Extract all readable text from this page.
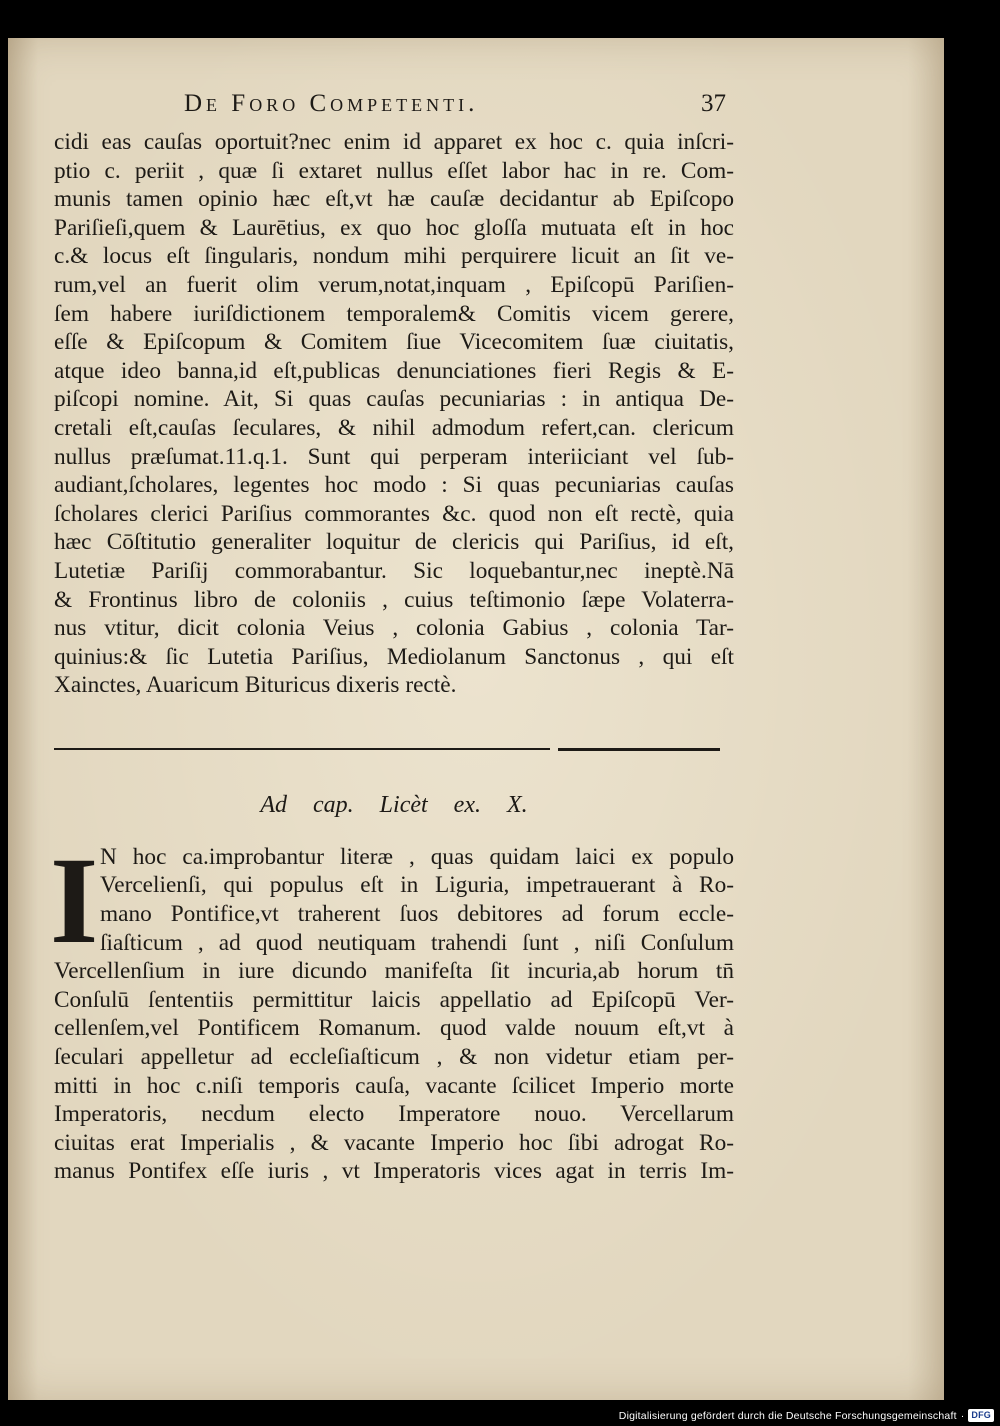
De Foro Competenti.	37
cidi eas cauſas oportuit?nec enim id apparet ex hoc c. quia inſcri-
ptio c. periit , quæ ſi extaret nullus eſſet labor hac in re. Com-
munis tamen opinio hæc eſt,vt hæ cauſæ decidantur ab Epiſcopo
Pariſieſi,quem & Laurētius, ex quo hoc gloſſa mutuata eſt in hoc
c.& locus eſt ſingularis, nondum mihi perquirere licuit an ſit ve-
rum,vel an fuerit olim verum,notat,inquam , Epiſcopū Pariſien-
ſem habere iuriſdictionem temporalem& Comitis vicem gerere,
eſſe & Epiſcopum & Comitem ſiue Vicecomitem ſuæ ciuitatis,
atque ideo banna,id eſt,publicas denunciationes fieri Regis & E-
piſcopi nomine. Ait, Si quas cauſas pecuniarias : in antiqua De-
cretali eſt,cauſas ſeculares, & nihil admodum refert,can. clericum
nullus præſumat.11.q.1. Sunt qui perperam interiiciant vel ſub-
audiant,ſcholares, legentes hoc modo : Si quas pecuniarias cauſas
ſcholares clerici Pariſius commorantes &c. quod non eſt rectè, quia
hæc Cōſtitutio generaliter loquitur de clericis qui Pariſius, id eſt,
Lutetiæ Pariſij commorabantur. Sic loquebantur,nec ineptè.Nā
& Frontinus libro de coloniis , cuius teſtimonio ſæpe Volaterra-
nus vtitur, dicit colonia Veius , colonia Gabius , colonia Tar-
quinius:& ſic Lutetia Pariſius, Mediolanum Sanctonus , qui eſt
Xainctes, Auaricum Bituricus dixeris rectè.
Ad cap. Licèt ex. X.
I N hoc ca.improbantur literæ , quas quidam laici ex populo
Vercelienſi, qui populus eſt in Liguria, impetrauerant à Ro-
mano Pontifice,vt traherent ſuos debitores ad forum eccle-
ſiaſticum , ad quod neutiquam trahendi ſunt , niſi Conſulum
Vercellenſium in iure dicundo manifeſta ſit incuria,ab horum tn̄
Conſulū ſententiis permittitur laicis appellatio ad Epiſcopū Ver-
cellenſem,vel Pontificem Romanum. quod valde nouum eſt,vt à
ſeculari appelletur ad eccleſiaſticum , & non videtur etiam per-
mitti in hoc c.niſi temporis cauſa, vacante ſcilicet Imperio morte
Imperatoris, necdum electo Imperatore nouo. Vercellarum
ciuitas erat Imperialis , & vacante Imperio hoc ſibi adrogat Ro-
manus Pontifex eſſe iuris , vt Imperatoris vices agat in terris Im-
Digitalisierung gefördert durch die Deutsche Forschungsgemeinschaft · DFG
